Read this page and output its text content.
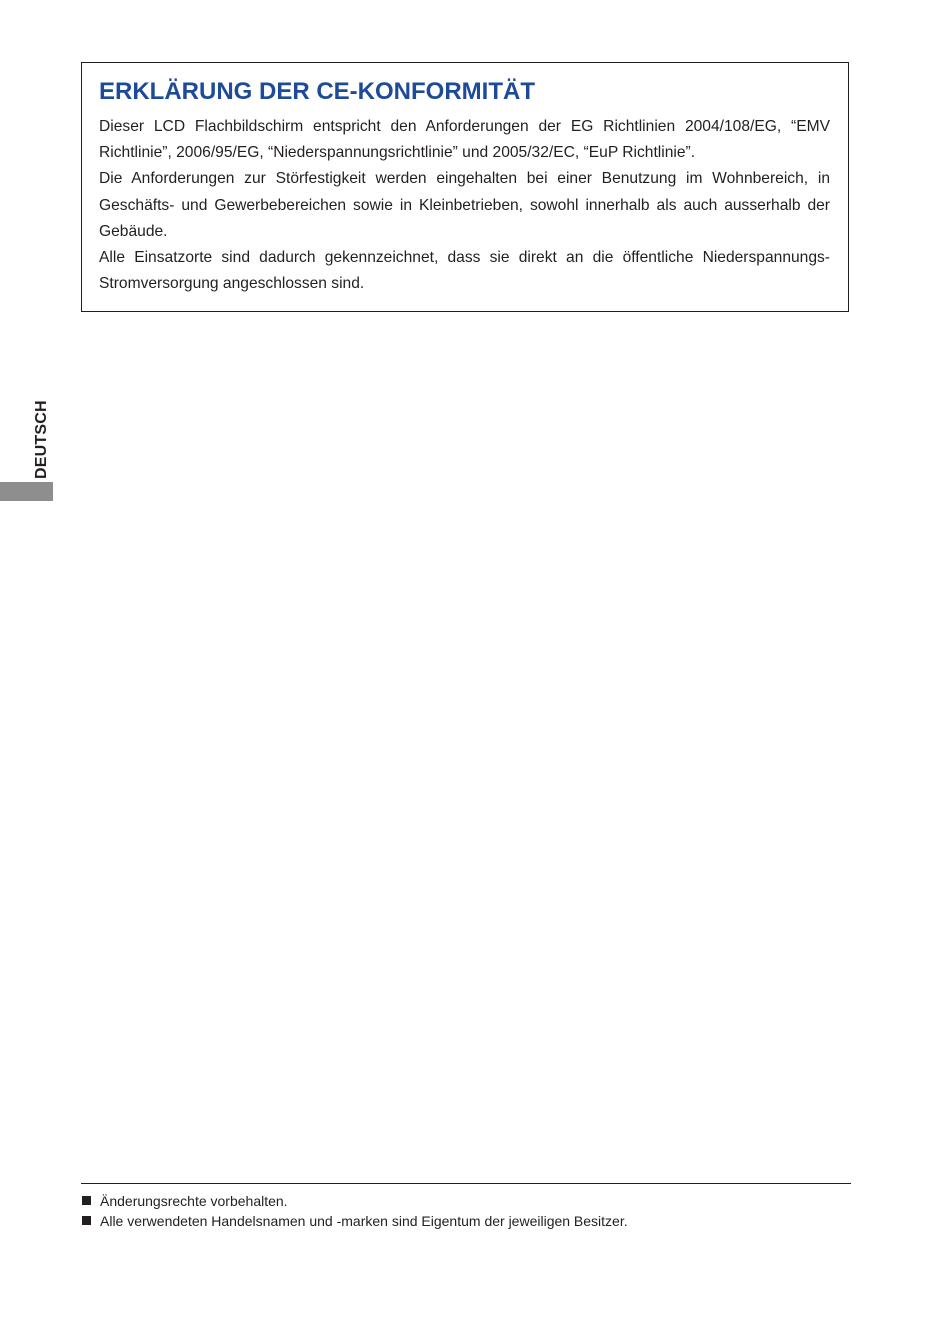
ERKLÄRUNG DER CE-KONFORMITÄT

Dieser LCD Flachbildschirm entspricht den Anforderungen der EG Richtlinien 2004/108/EG, “EMV Richtlinie”, 2006/95/EG, “Niederspannungsrichtlinie” und 2005/32/EC, “EuP Richtlinie”.

Die Anforderungen zur Störfestigkeit werden eingehalten bei einer Benutzung im Wohnbereich, in Geschäfts- und Gewerbebereichen sowie in Kleinbetrieben, sowohl innerhalb als auch ausserhalb der Gebäude.

Alle Einsatzorte sind dadurch gekennzeichnet, dass sie direkt an die öffentliche Niederspannungs-Stromversorgung angeschlossen sind.

DEUTSCH
Änderungsrechte vorbehalten.
Alle verwendeten Handelsnamen und -marken sind Eigentum der jeweiligen Besitzer.
